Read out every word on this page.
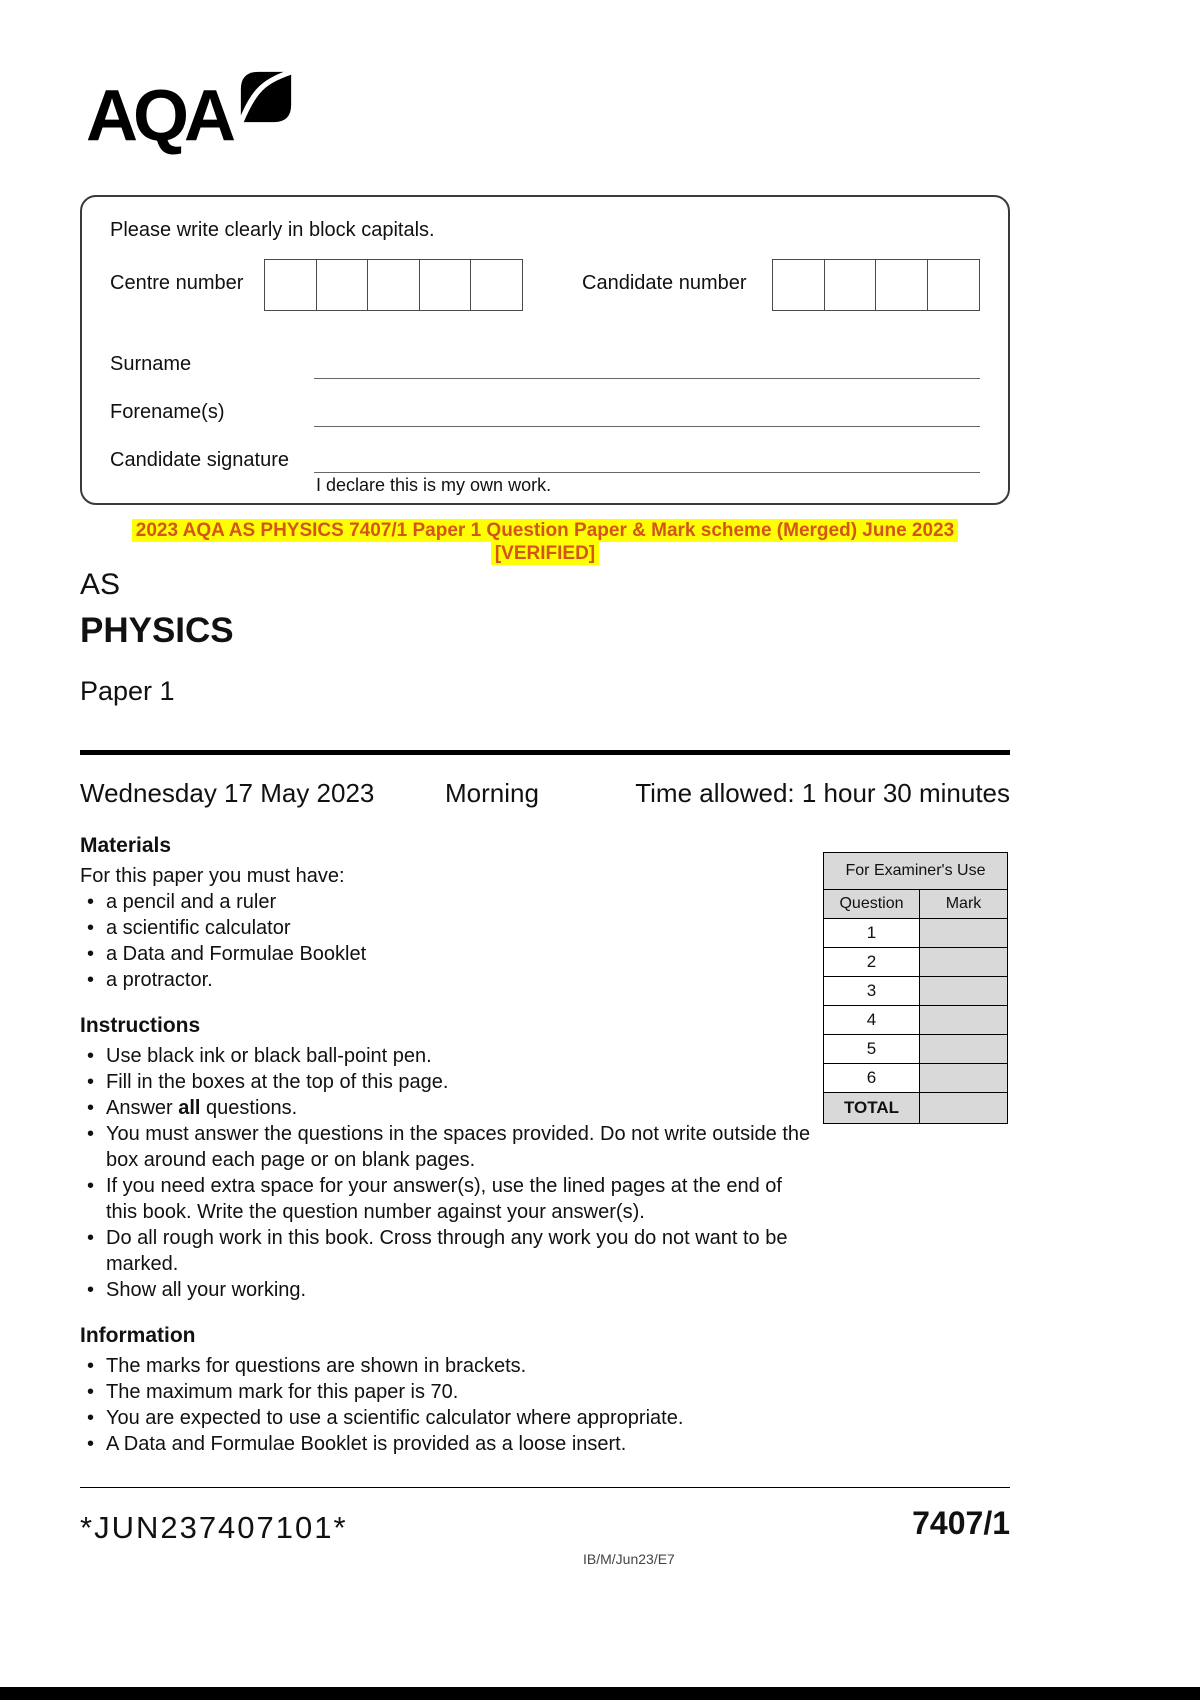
AQA
Please write clearly in block capitals.
Centre number	Candidate number
Surname
Forename(s)
Candidate signature
I declare this is my own work.
2023 AQA AS PHYSICS 7407/1 Paper 1 Question Paper & Mark scheme (Merged) June 2023
[VERIFIED]
AS
PHYSICS
Paper 1
Wednesday 17 May 2023	Morning	Time allowed: 1 hour 30 minutes
Materials

For this paper you must have:

• a pencil and a ruler
• a scientific calculator
• a Data and Formulae Booklet
• a protractor.
Instructions
• Use black ink or black ball-point pen.
• Fill in the boxes at the top of this page.
• Answer all questions.
• You must answer the questions in the spaces provided. Do not write outside the box around each page or on blank pages.
• If you need extra space for your answer(s), use the lined pages at the end of this book. Write the question number against your answer(s).
• Do all rough work in this book. Cross through any work you do not want to be marked.
• Show all your working.
Information
• The marks for questions are shown in brackets.
• The maximum mark for this paper is 70.
• You are expected to use a scientific calculator where appropriate.
• A Data and Formulae Booklet is provided as a loose insert.
For Examiner's Use	
Question	Mark
1	
2	
3	
4	
5	
6	
TOTAL	
*JUN237407101*
IB/M/Jun23/E7
7407/1
